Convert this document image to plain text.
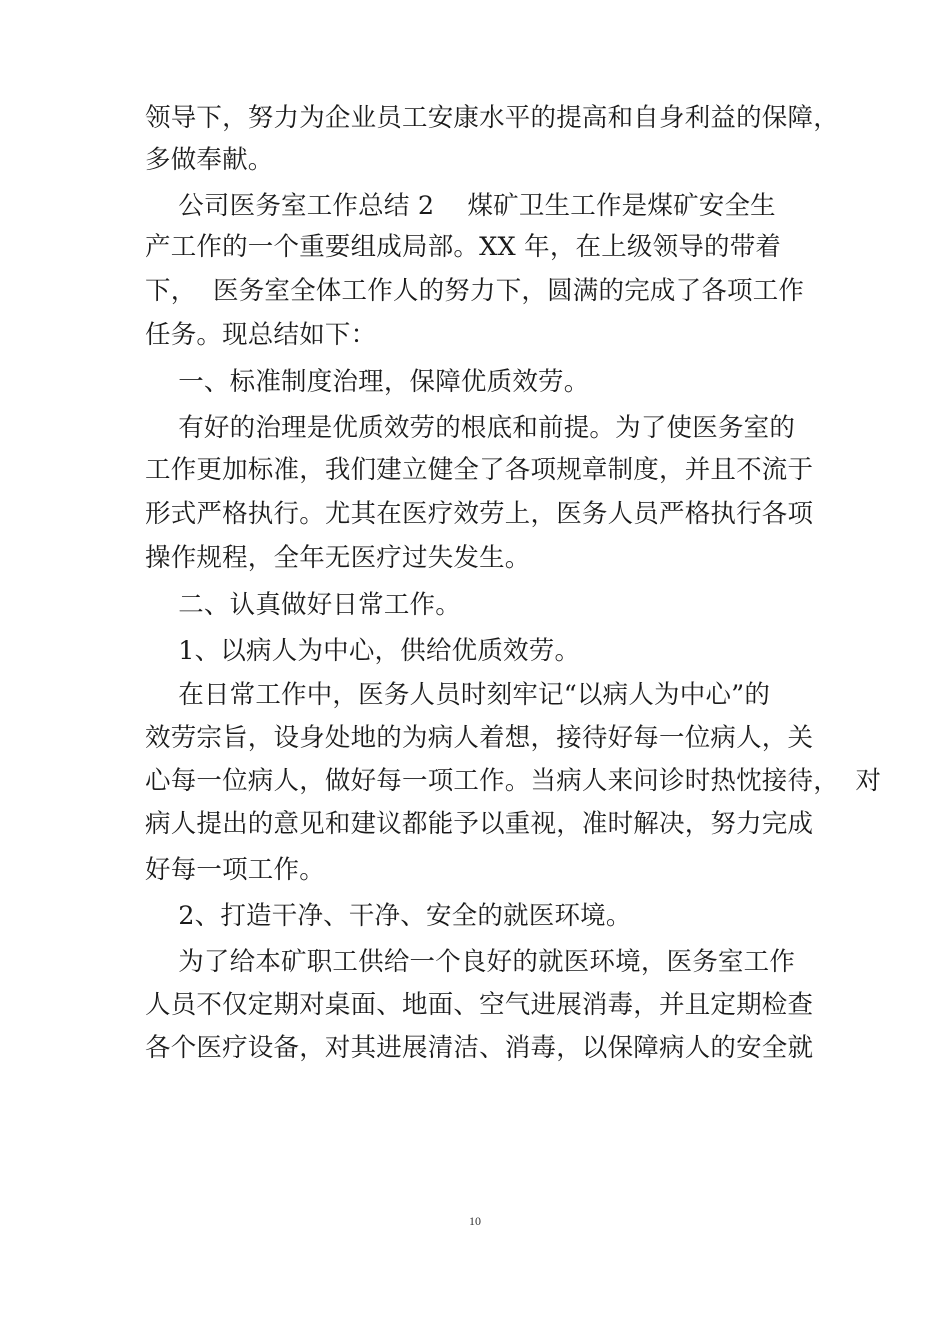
领导下，努力为企业员工安康水平的提高和自身利益的保障，
多做奉献。
公司医务室工作总结 2    煤矿卫生工作是煤矿安全生
产工作的一个重要组成局部。XX 年，在上级领导的带着
下，  医务室全体工作人的努力下，圆满的完成了各项工作
任务。现总结如下：
一、标准制度治理，保障优质效劳。
有好的治理是优质效劳的根底和前提。为了使医务室的
工作更加标准，我们建立健全了各项规章制度，并且不流于
形式严格执行。尤其在医疗效劳上，医务人员严格执行各项
操作规程，全年无医疗过失发生。
二、认真做好日常工作。
1、以病人为中心，供给优质效劳。
在日常工作中，医务人员时刻牢记“以病人为中心”的
效劳宗旨，设身处地的为病人着想，接待好每一位病人，关
心每一位病人，做好每一项工作。当病人来问诊时热忱接待，  对
病人提出的意见和建议都能予以重视，准时解决，努力完成
好每一项工作。
2、打造干净、干净、安全的就医环境。
为了给本矿职工供给一个良好的就医环境，医务室工作
人员不仅定期对桌面、地面、空气进展消毒，并且定期检查
各个医疗设备，对其进展清洁、消毒，以保障病人的安全就
10
